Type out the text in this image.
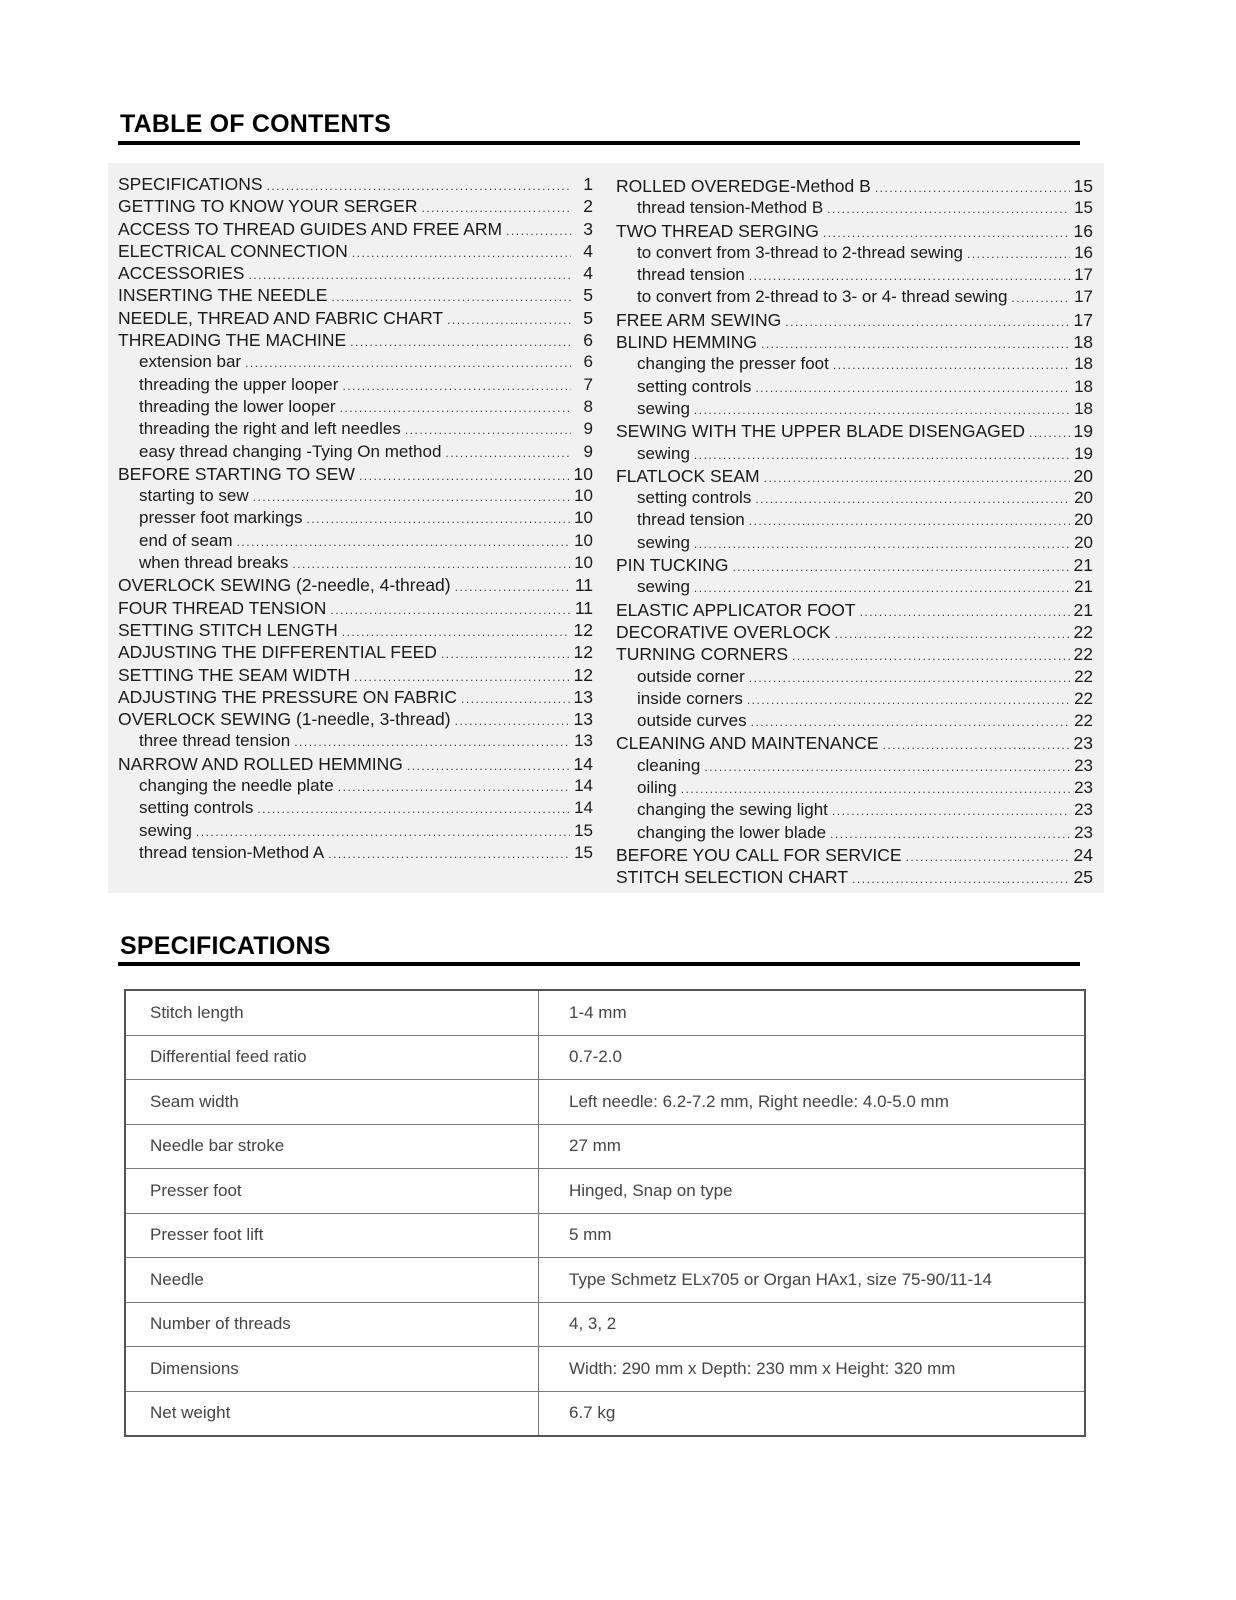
TABLE OF CONTENTS
SPECIFICATIONS .....	1
GETTING TO KNOW YOUR SERGER .....	2
ACCESS TO THREAD GUIDES AND FREE ARM .....	3
ELECTRICAL CONNECTION .....	4
ACCESSORIES .....	4
INSERTING THE NEEDLE .....	5
NEEDLE, THREAD AND FABRIC CHART .....	5
THREADING THE MACHINE .....	6
extension bar .....	6
threading the upper looper .....	7
threading the lower looper .....	8
threading the right and left needles .....	9
easy thread changing -Tying On method .....	9
BEFORE STARTING TO SEW .....	10
starting to sew .....	10
presser foot markings .....	10
end of seam .....	10
when thread breaks .....	10
OVERLOCK SEWING (2-needle, 4-thread) .....	11
FOUR THREAD TENSION .....	11
SETTING STITCH LENGTH .....	12
ADJUSTING THE DIFFERENTIAL FEED .....	12
SETTING THE SEAM WIDTH .....	12
ADJUSTING THE PRESSURE ON FABRIC .....	13
OVERLOCK SEWING (1-needle, 3-thread) .....	13
three thread tension .....	13
NARROW AND ROLLED HEMMING .....	14
changing the needle plate .....	14
setting controls .....	14
sewing .....	15
thread tension-Method A .....	15
ROLLED OVEREDGE-Method B .....	15
thread tension-Method B .....	15
TWO THREAD SERGING .....	16
to convert from 3-thread to 2-thread sewing .....	16
thread tension .....	17
to convert from 2-thread to 3- or 4- thread sewing .....	17
FREE ARM SEWING .....	17
BLIND HEMMING .....	18
changing the presser foot .....	18
setting controls .....	18
sewing .....	18
SEWING WITH THE UPPER BLADE DISENGAGED .....	19
sewing .....	19
FLATLOCK SEAM .....	20
setting controls .....	20
thread tension .....	20
sewing .....	20
PIN TUCKING .....	21
sewing .....	21
ELASTIC APPLICATOR FOOT .....	21
DECORATIVE OVERLOCK .....	22
TURNING CORNERS .....	22
outside corner .....	22
inside corners .....	22
outside curves .....	22
CLEANING AND MAINTENANCE .....	23
cleaning .....	23
oiling .....	23
changing the sewing light .....	23
changing the lower blade .....	23
BEFORE YOU CALL FOR SERVICE .....	24
STITCH SELECTION CHART .....	25
SPECIFICATIONS
Stitch length	1-4 mm
Differential feed ratio	0.7-2.0
Seam width	Left needle: 6.2-7.2 mm, Right needle: 4.0-5.0 mm
Needle bar stroke	27 mm
Presser foot	Hinged, Snap on type
Presser foot lift	5 mm
Needle	Type Schmetz ELx705 or Organ HAx1, size 75-90/11-14
Number of threads	4, 3, 2
Dimensions	Width: 290 mm x Depth: 230 mm x Height: 320 mm
Net weight	6.7 kg
